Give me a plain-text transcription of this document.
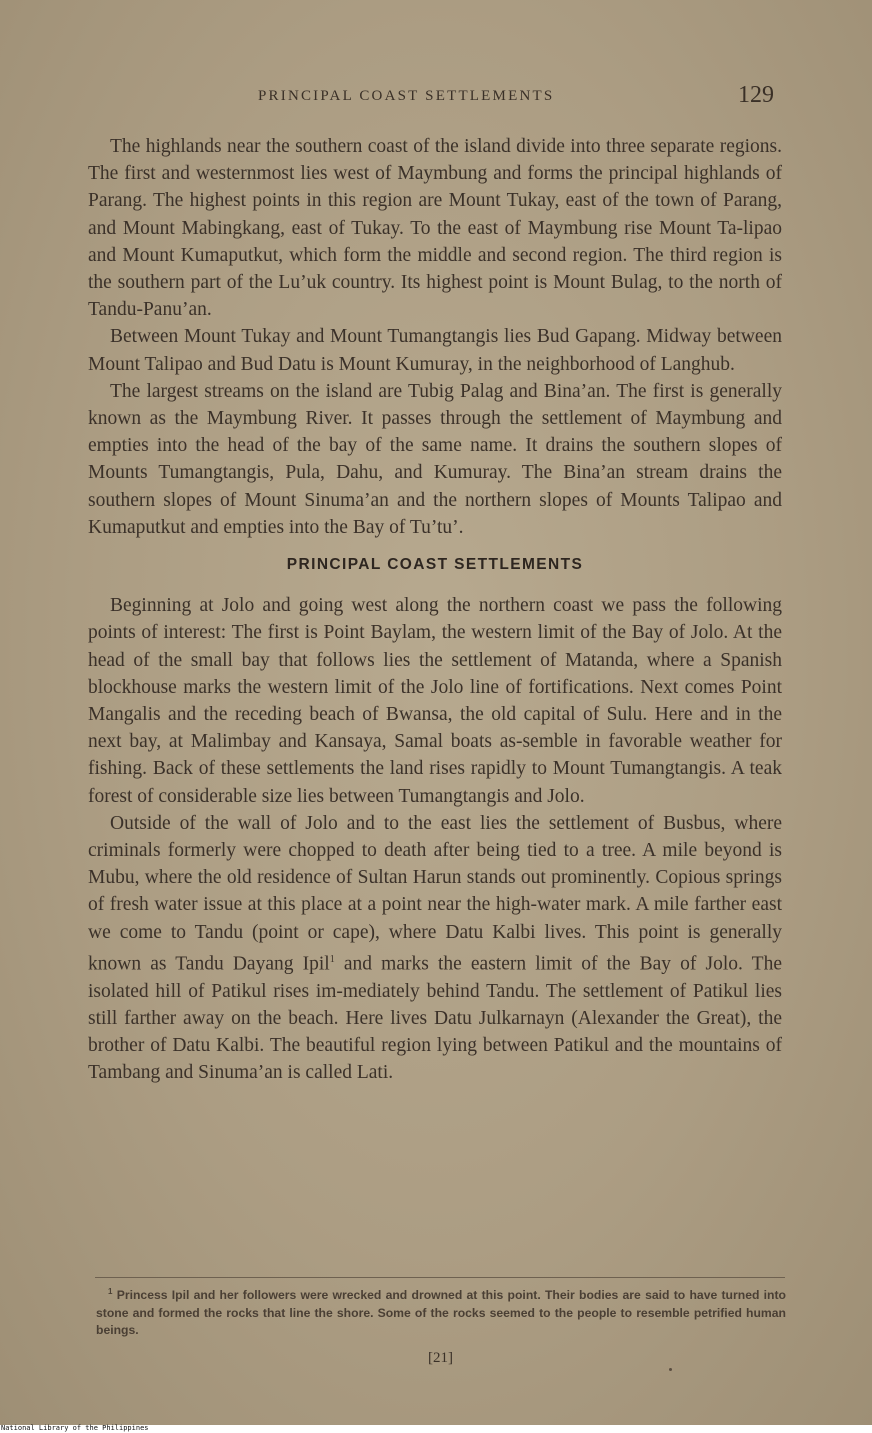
PRINCIPAL COAST SETTLEMENTS	129

The highlands near the southern coast of the island divide into three separate regions. The first and westernmost lies west of Maymbung and forms the principal highlands of Parang. The highest points in this region are Mount Tukay, east of the town of Parang, and Mount Mabingkang, east of Tukay. To the east of Maymbung rise Mount Ta-lipao and Mount Kumaputkut, which form the middle and second region. The third region is the southern part of the Lu’uk country. Its highest point is Mount Bulag, to the north of Tandu-Panu’an.

Between Mount Tukay and Mount Tumangtangis lies Bud Gapang. Midway between Mount Talipao and Bud Datu is Mount Kumuray, in the neighborhood of Langhub.

The largest streams on the island are Tubig Palag and Bina’an. The first is generally known as the Maymbung River. It passes through the settlement of Maymbung and empties into the head of the bay of the same name. It drains the southern slopes of Mounts Tumangtangis, Pula, Dahu, and Kumuray. The Bina’an stream drains the southern slopes of Mount Sinuma’an and the northern slopes of Mounts Talipao and Kumaputkut and empties into the Bay of Tu’tu’.

PRINCIPAL COAST SETTLEMENTS

Beginning at Jolo and going west along the northern coast we pass the following points of interest: The first is Point Baylam, the western limit of the Bay of Jolo. At the head of the small bay that follows lies the settlement of Matanda, where a Spanish blockhouse marks the western limit of the Jolo line of fortifications. Next comes Point Mangalis and the receding beach of Bwansa, the old capital of Sulu. Here and in the next bay, at Malimbay and Kansaya, Samal boats as-semble in favorable weather for fishing. Back of these settlements the land rises rapidly to Mount Tumangtangis. A teak forest of considerable size lies between Tumangtangis and Jolo.

Outside of the wall of Jolo and to the east lies the settlement of Busbus, where criminals formerly were chopped to death after being tied to a tree. A mile beyond is Mubu, where the old residence of Sultan Harun stands out prominently. Copious springs of fresh water issue at this place at a point near the high-water mark. A mile farther east we come to Tandu (point or cape), where Datu Kalbi lives. This point is generally known as Tandu Dayang Ipil$^1$ and marks the eastern limit of the Bay of Jolo. The isolated hill of Patikul rises im-mediately behind Tandu. The settlement of Patikul lies still farther away on the beach. Here lives Datu Julkarnayn (Alexander the Great), the brother of Datu Kalbi. The beautiful region lying between Patikul and the mountains of Tambang and Sinuma’an is called Lati.

$^1$ Princess Ipil and her followers were wrecked and drowned at this point. Their bodies are said to have turned into stone and formed the rocks that line the shore. Some of the rocks seemed to the people to resemble petrified human beings.

[21]
National Library of the Philippines
